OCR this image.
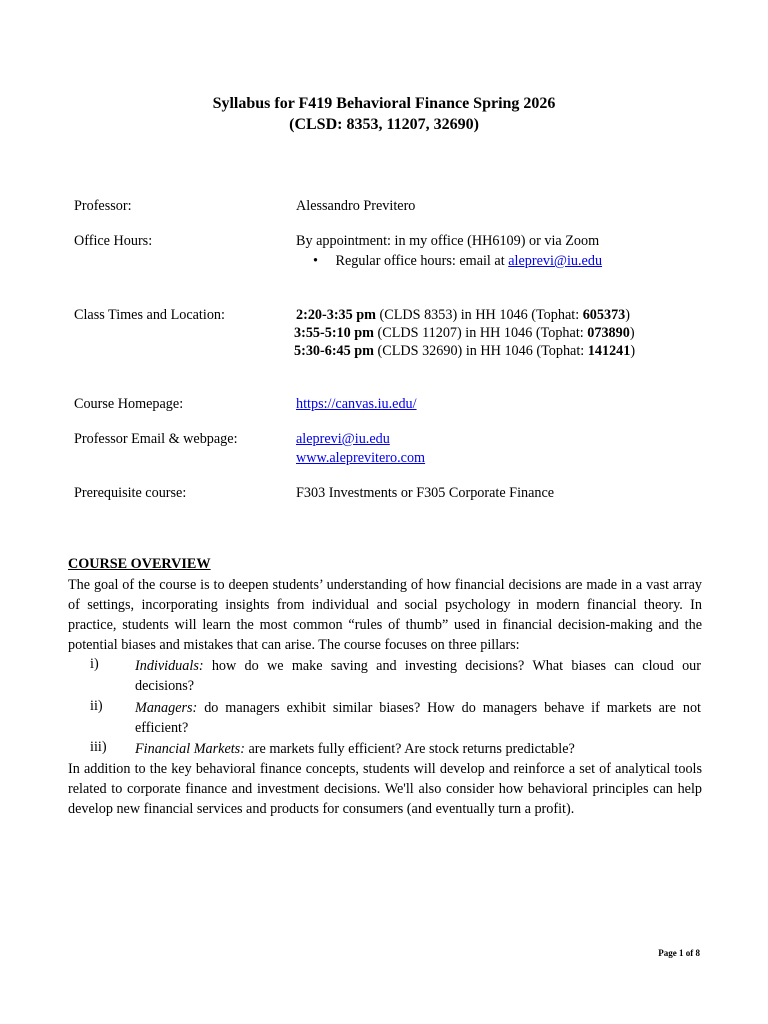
Syllabus for F419 Behavioral Finance Spring 2026
(CLSD: 8353, 11207, 32690)
Professor:	Alessandro Previtero
Office Hours:	By appointment: in my office (HH6109) or via Zoom
• Regular office hours: email at aleprevi@iu.edu
Class Times and Location:	2:20-3:35 pm (CLDS 8353) in HH 1046 (Tophat: 605373)
3:55-5:10 pm (CLDS 11207) in HH 1046 (Tophat: 073890)
5:30-6:45 pm (CLDS 32690) in HH 1046 (Tophat: 141241)
Course Homepage:	https://canvas.iu.edu/
Professor Email & webpage:	aleprevi@iu.edu
www.aleprevitero.com
Prerequisite course:	F303 Investments or F305 Corporate Finance
COURSE OVERVIEW
The goal of the course is to deepen students’ understanding of how financial decisions are made in a vast array of settings, incorporating insights from individual and social psychology in modern financial theory. In practice, students will learn the most common “rules of thumb” used in financial decision-making and the potential biases and mistakes that can arise. The course focuses on three pillars:
i)	Individuals: how do we make saving and investing decisions? What biases can cloud our decisions?
ii) Managers: do managers exhibit similar biases? How do managers behave if markets are not efficient?
iii) Financial Markets: are markets fully efficient? Are stock returns predictable?
In addition to the key behavioral finance concepts, students will develop and reinforce a set of analytical tools related to corporate finance and investment decisions. We'll also consider how behavioral principles can help develop new financial services and products for consumers (and eventually turn a profit).
Page 1 of 8
